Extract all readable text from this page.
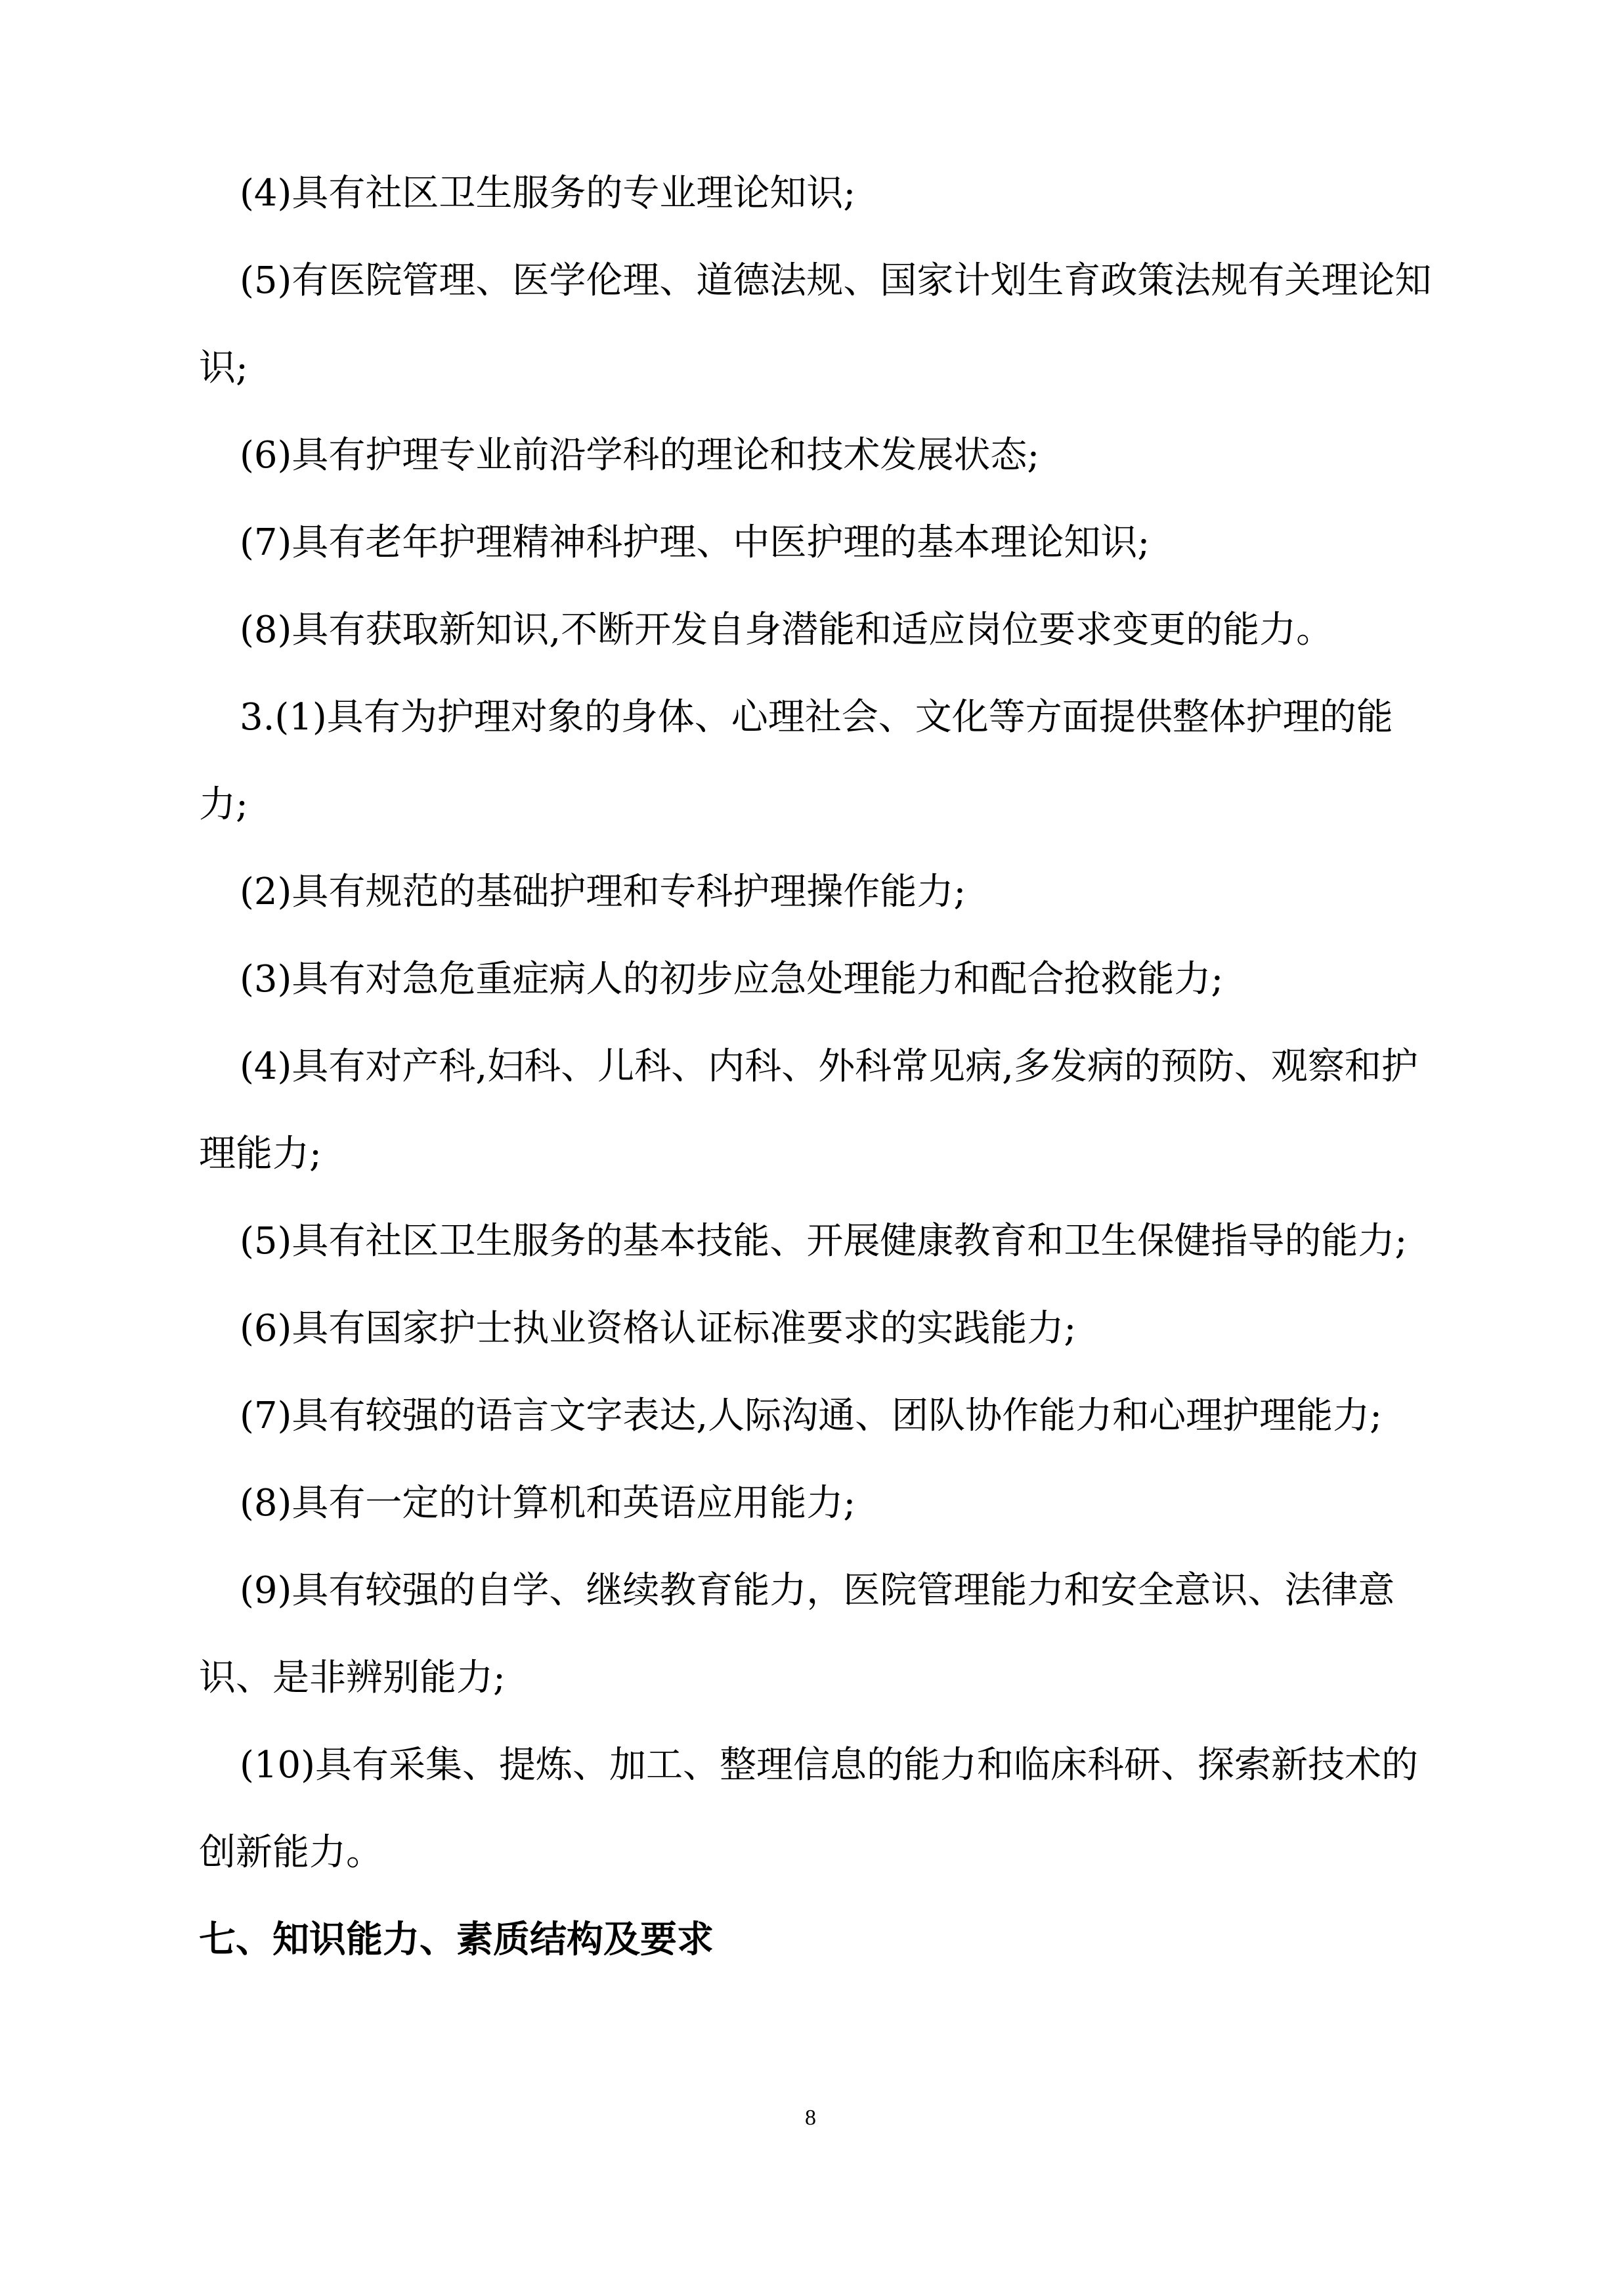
(4)具有社区卫生服务的专业理论知识;

(5)有医院管理、医学伦理、道德法规、国家计划生育政策法规有关理论知识;

(6)具有护理专业前沿学科的理论和技术发展状态;

(7)具有老年护理精神科护理、中医护理的基本理论知识;

(8)具有获取新知识,不断开发自身潜能和适应岗位要求变更的能力。

3.(1)具有为护理对象的身体、心理社会、文化等方面提供整体护理的能力;

(2)具有规范的基础护理和专科护理操作能力;

(3)具有对急危重症病人的初步应急处理能力和配合抢救能力;

(4)具有对产科,妇科、儿科、内科、外科常见病,多发病的预防、观察和护理能力;

(5)具有社区卫生服务的基本技能、开展健康教育和卫生保健指导的能力;

(6)具有国家护士执业资格认证标准要求的实践能力;

(7)具有较强的语言文字表达,人际沟通、团队协作能力和心理护理能力;

(8)具有一定的计算机和英语应用能力;

(9)具有较强的自学、继续教育能力，医院管理能力和安全意识、法律意识、是非辨别能力;

(10)具有采集、提炼、加工、整理信息的能力和临床科研、探索新技术的创新能力。

七、知识能力、素质结构及要求

8
